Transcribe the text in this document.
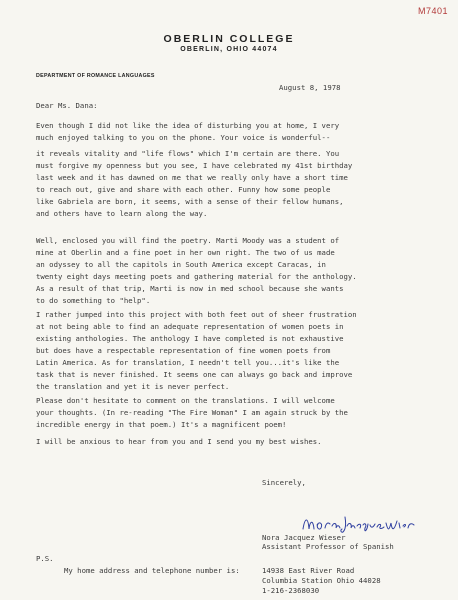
M7401
OBERLIN COLLEGE
OBERLIN, OHIO 44074
DEPARTMENT OF ROMANCE LANGUAGES
August 8, 1978
Dear Ms. Dana:
Even though I did not like the idea of disturbing you at home, I very
much enjoyed talking to you on the phone. Your voice is wonderful--
it reveals vitality and "life flows" which I'm certain are there. You
must forgive my openness but you see, I have celebrated my 41st birthday
last week and it has dawned on me that we really only have a short time
to reach out, give and share with each other. Funny how some people
like Gabriela are born, it seems, with a sense of their fellow humans,
and others have to learn along the way.
Well, enclosed you will find the poetry. Marti Moody was a student of
mine at Oberlin and a fine poet in her own right. The two of us made
an odyssey to all the capitols in South America except Caracas, in
twenty eight days meeting poets and gathering material for the anthology.
As a result of that trip, Marti is now in med school because she wants
to do something to "help".
I rather jumped into this project with both feet out of sheer frustration
at not being able to find an adequate representation of women poets in
existing anthologies. The anthology I have completed is not exhaustive
but does have a respectable representation of fine women poets from
Latin America. As for translation, I needn't tell you...it's like the
task that is never finished. It seems one can always go back and improve
the translation and yet it is never perfect.
Please don't hesitate to comment on the translations. I will welcome
your thoughts. (In re-reading "The Fire Woman" I am again struck by the
incredible energy in that poem.) It's a magnificent poem!
I will be anxious to hear from you and I send you my best wishes.
Sincerely,
Nora Jacquez Wieser
Assistant Professor of Spanish
P.S.
My home address and telephone number is:	14938 East River Road
Columbia Station Ohio 44028
1-216-2368030
